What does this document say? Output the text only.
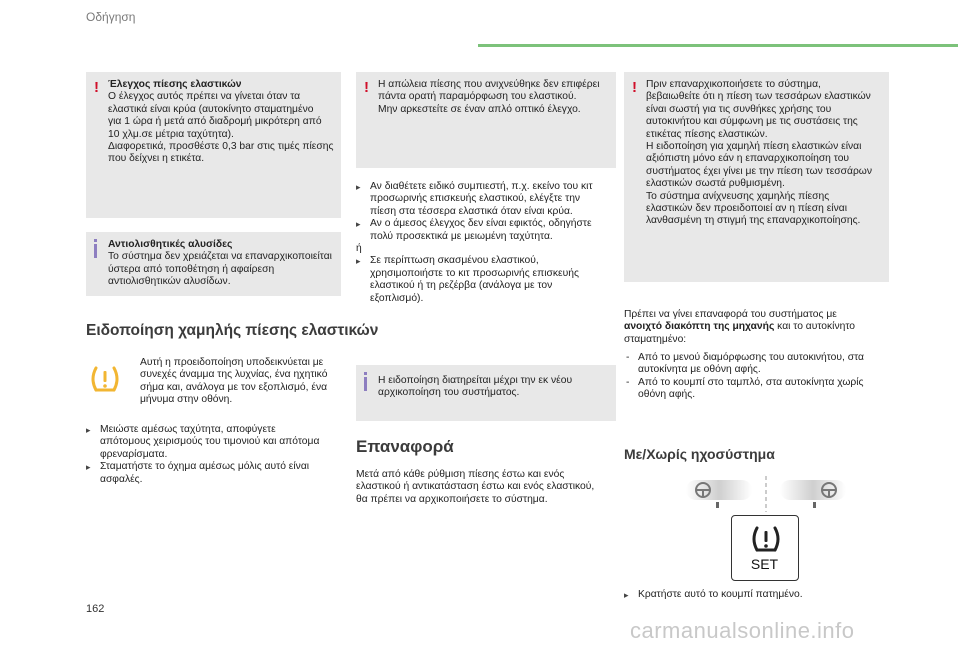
Οδήγηση
! Έλεγχος πίεσης ελαστικών
Ο έλεγχος αυτός πρέπει να γίνεται όταν τα
ελαστικά είναι κρύα (αυτοκίνητο σταματημένο
για 1 ώρα ή μετά από διαδρομή μικρότερη από
10 χλμ.σε μέτρια ταχύτητα).
Διαφορετικά, προσθέστε 0,3 bar στις τιμές πίεσης
που δείχνει η ετικέτα.
Αντιολισθητικές αλυσίδες
Το σύστημα δεν χρειάζεται να επαναρχικοποιείται
ύστερα από τοποθέτηση ή αφαίρεση
αντιολισθητικών αλυσίδων.
Ειδοποίηση χαμηλής πίεσης ελαστικών
Αυτή η προειδοποίηση υποδεικνύεται με
συνεχές άναμμα της λυχνίας, ένα ηχητικό
σήμα και, ανάλογα με τον εξοπλισμό, ένα
μήνυμα στην οθόνη.
▸ Μειώστε αμέσως ταχύτητα, αποφύγετε
απότομους χειρισμούς του τιμονιού και απότομα
φρεναρίσματα.
▸ Σταματήστε το όχημα αμέσως μόλις αυτό είναι
ασφαλές.
! Η απώλεια πίεσης που ανιχνεύθηκε δεν επιφέρει
πάντα ορατή παραμόρφωση του ελαστικού.
Μην αρκεστείτε σε έναν απλό οπτικό έλεγχο.
▸ Αν διαθέτετε ειδικό συμπιεστή, π.χ. εκείνο του κιτ
προσωρινής επισκευής ελαστικού, ελέγξτε την
πίεση στα τέσσερα ελαστικά όταν είναι κρύα.
▸ Αν ο άμεσος έλεγχος δεν είναι εφικτός, οδηγήστε
πολύ προσεκτικά με μειωμένη ταχύτητα.
ή
▸ Σε περίπτωση σκασμένου ελαστικού,
χρησιμοποιήστε το κιτ προσωρινής επισκευής
ελαστικού ή τη ρεζέρβα (ανάλογα με τον
εξοπλισμό).
Η ειδοποίηση διατηρείται μέχρι την εκ νέου
αρχικοποίηση του συστήματος.
Επαναφορά
Μετά από κάθε ρύθμιση πίεσης έστω και ενός
ελαστικού ή αντικατάσταση έστω και ενός ελαστικού,
θα πρέπει να αρχικοποιήσετε το σύστημα.
! Πριν επαναρχικοποιήσετε το σύστημα,
βεβαιωθείτε ότι η πίεση των τεσσάρων ελαστικών
είναι σωστή για τις συνθήκες χρήσης του
αυτοκινήτου και σύμφωνη με τις συστάσεις της
ετικέτας πίεσης ελαστικών.
Η ειδοποίηση για χαμηλή πίεση ελαστικών είναι
αξιόπιστη μόνο εάν η επαναρχικοποίηση του
συστήματος έχει γίνει με την πίεση των τεσσάρων
ελαστικών σωστά ρυθμισμένη.
Το σύστημα ανίχνευσης χαμηλής πίεσης
ελαστικών δεν προειδοποιεί αν η πίεση είναι
λανθασμένη τη στιγμή της επαναρχικοποίησης.
Πρέπει να γίνει επαναφορά του συστήματος με
ανοιχτό διακόπτη της μηχανής και το αυτοκίνητο
σταματημένο:
- Από το μενού διαμόρφωσης του αυτοκινήτου, στα
αυτοκίνητα με οθόνη αφής.
- Από το κουμπί στο ταμπλό, στα αυτοκίνητα χωρίς
οθόνη αφής.
Με/Χωρίς ηχοσύστημα
SET
▸ Κρατήστε αυτό το κουμπί πατημένο.
162
carmanualsonline.info
